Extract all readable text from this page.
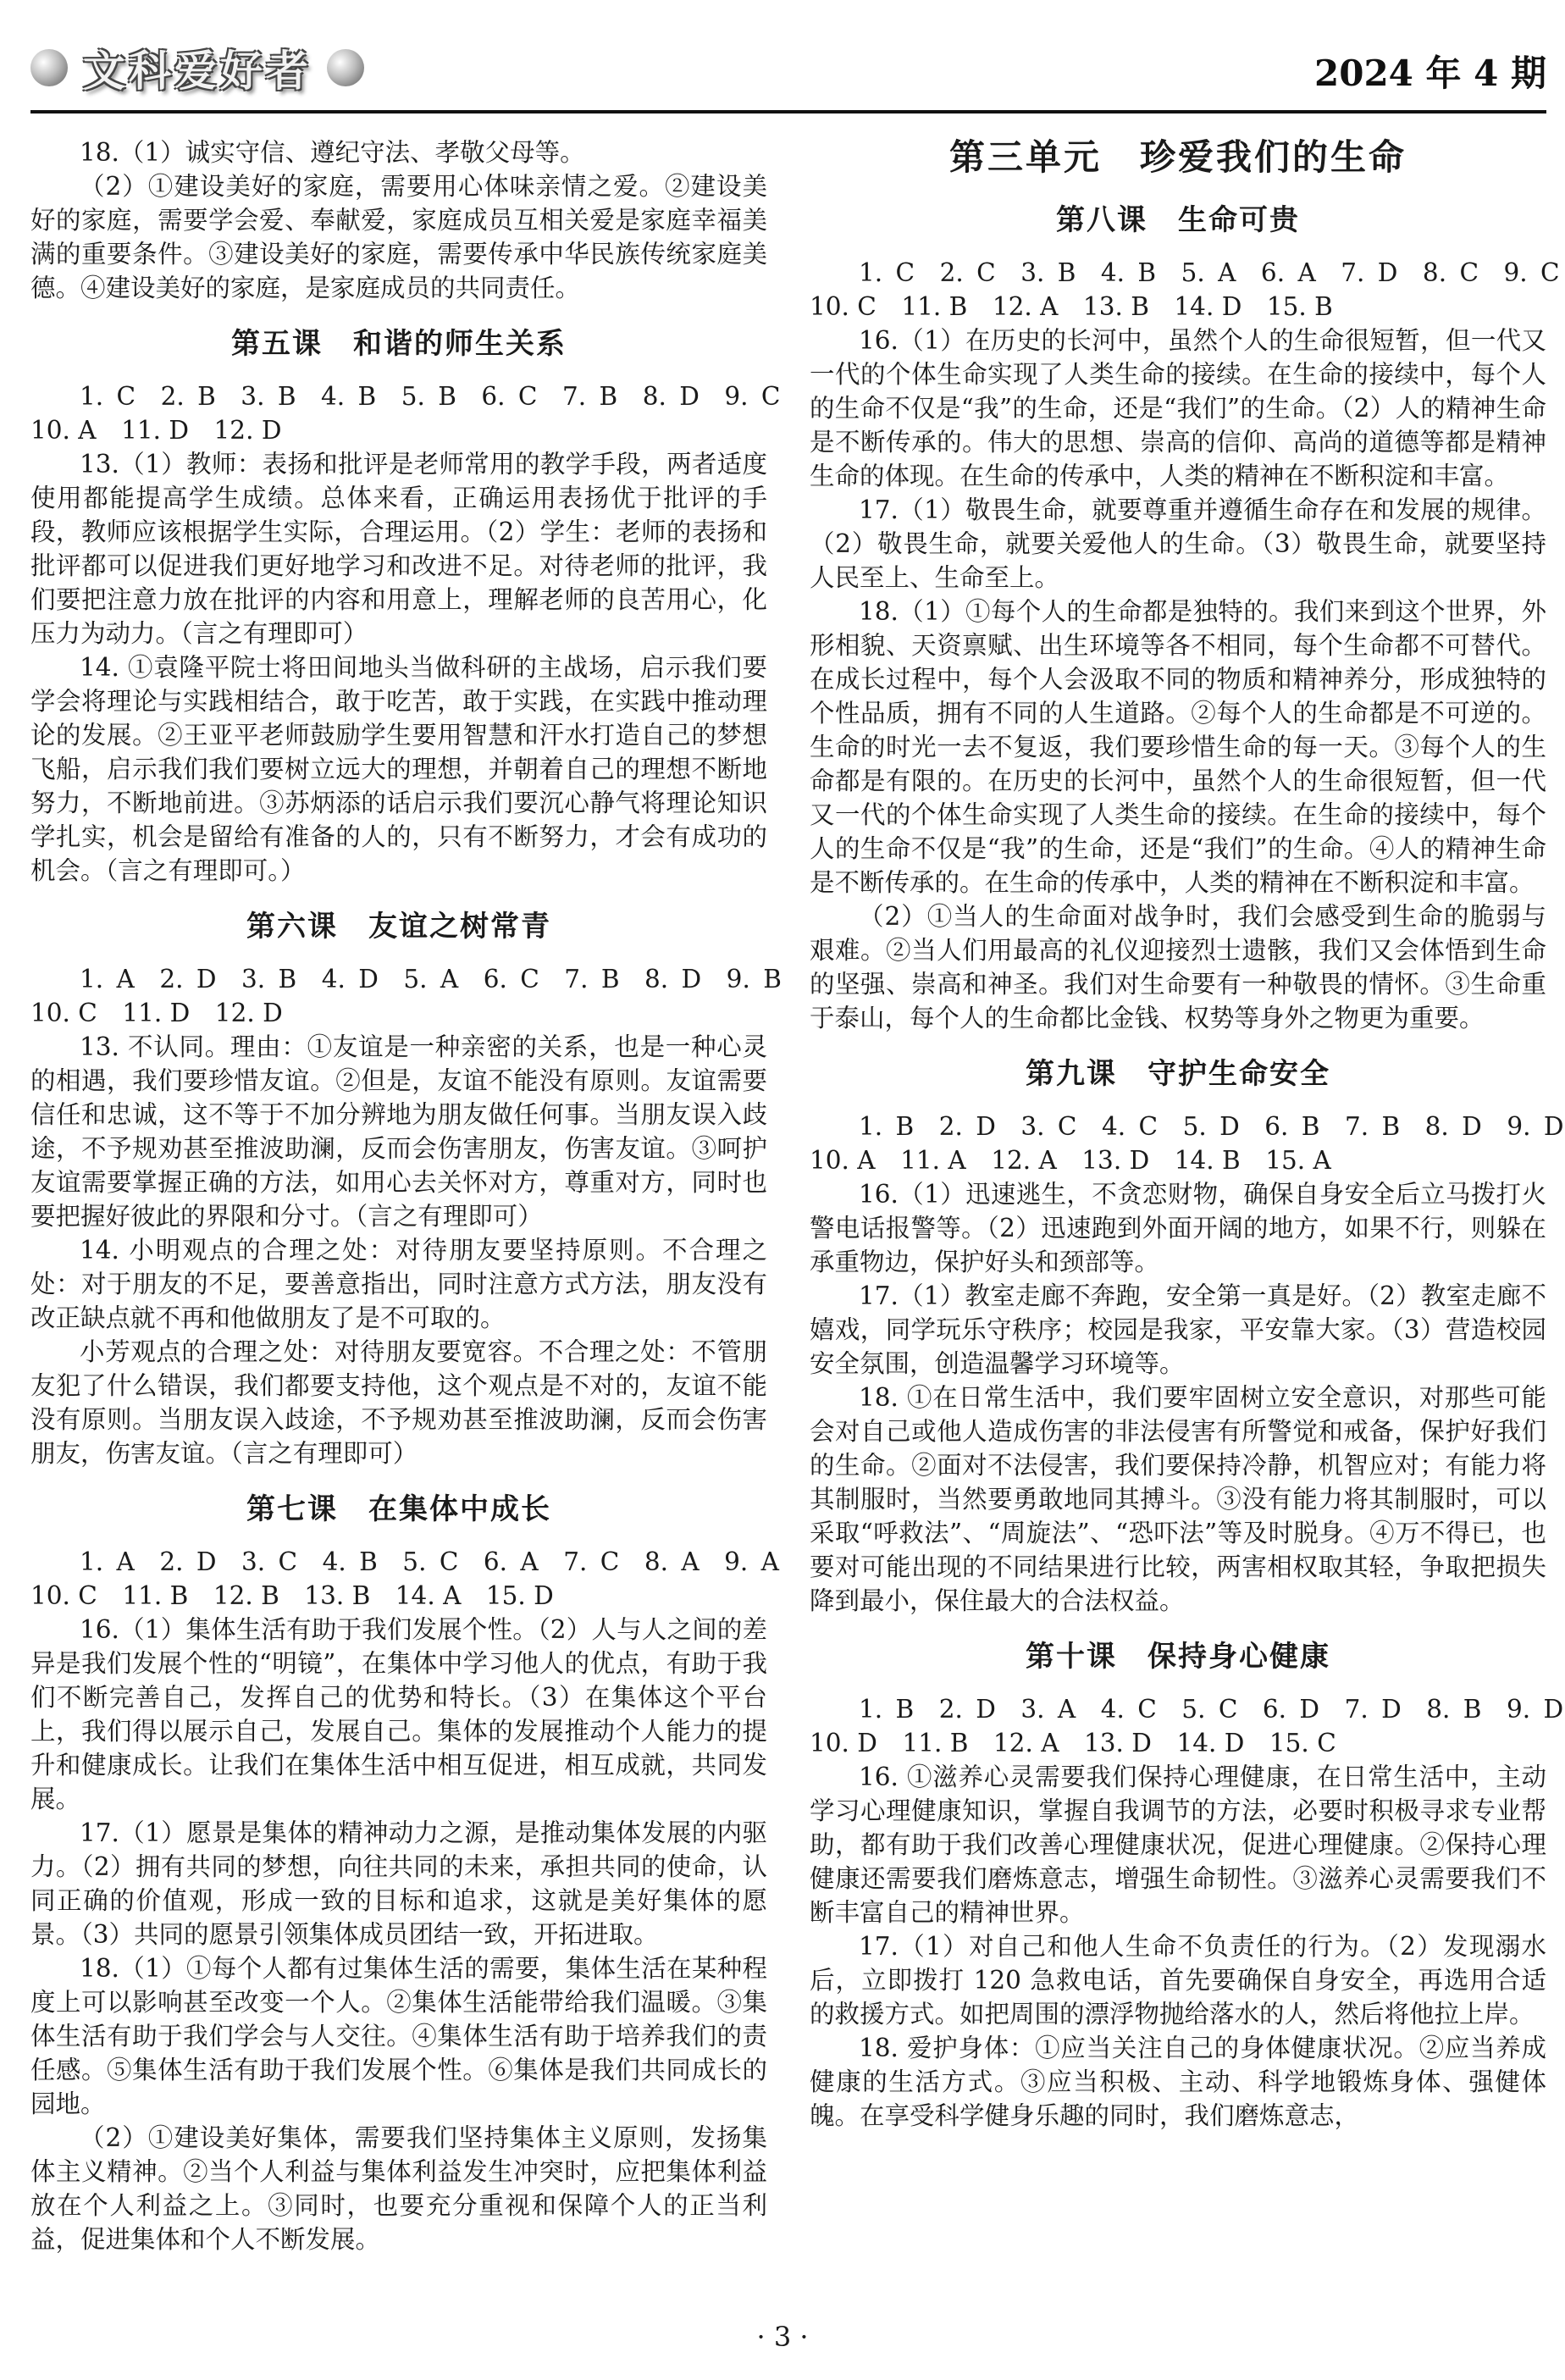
文科爱好者	2024 年 4 期

18.（1）诚实守信、遵纪守法、孝敬父母等。

（2）①建设美好的家庭，需要用心体味亲情之爱。②建设美好的家庭，需要学会爱、奉献爱，家庭成员互相关爱是家庭幸福美满的重要条件。③建设美好的家庭，需要传承中华民族传统家庭美德。④建设美好的家庭，是家庭成员的共同责任。

第五课　和谐的师生关系

1. C　2. B　3. B　4. B　5. B　6. C　7. B　8. D　9. C

10. A　11. D　12. D

13.（1）教师：表扬和批评是老师常用的教学手段，两者适度使用都能提高学生成绩。总体来看，正确运用表扬优于批评的手段，教师应该根据学生实际，合理运用。（2）学生：老师的表扬和批评都可以促进我们更好地学习和改进不足。对待老师的批评，我们要把注意力放在批评的内容和用意上，理解老师的良苦用心，化压力为动力。（言之有理即可）

14. ①袁隆平院士将田间地头当做科研的主战场，启示我们要学会将理论与实践相结合，敢于吃苦，敢于实践，在实践中推动理论的发展。②王亚平老师鼓励学生要用智慧和汗水打造自己的梦想飞船，启示我们我们要树立远大的理想，并朝着自己的理想不断地努力，不断地前进。③苏炳添的话启示我们要沉心静气将理论知识学扎实，机会是留给有准备的人的，只有不断努力，才会有成功的机会。（言之有理即可。）

第六课　友谊之树常青

1. A　2. D　3. B　4. D　5. A　6. C　7. B　8. D　9. B

10. C　11. D　12. D

13. 不认同。理由：①友谊是一种亲密的关系，也是一种心灵的相遇，我们要珍惜友谊。②但是，友谊不能没有原则。友谊需要信任和忠诚，这不等于不加分辨地为朋友做任何事。当朋友误入歧途，不予规劝甚至推波助澜，反而会伤害朋友，伤害友谊。③呵护友谊需要掌握正确的方法，如用心去关怀对方，尊重对方，同时也要把握好彼此的界限和分寸。（言之有理即可）

14. 小明观点的合理之处：对待朋友要坚持原则。不合理之处：对于朋友的不足，要善意指出，同时注意方式方法，朋友没有改正缺点就不再和他做朋友了是不可取的。

小芳观点的合理之处：对待朋友要宽容。不合理之处：不管朋友犯了什么错误，我们都要支持他，这个观点是不对的，友谊不能没有原则。当朋友误入歧途，不予规劝甚至推波助澜，反而会伤害朋友，伤害友谊。（言之有理即可）

第七课　在集体中成长

1. A　2. D　3. C　4. B　5. C　6. A　7. C　8. A　9. A

10. C　11. B　12. B　13. B　14. A　15. D

16.（1）集体生活有助于我们发展个性。（2）人与人之间的差异是我们发展个性的“明镜”，在集体中学习他人的优点，有助于我们不断完善自己，发挥自己的优势和特长。（3）在集体这个平台上，我们得以展示自己，发展自己。集体的发展推动个人能力的提升和健康成长。让我们在集体生活中相互促进，相互成就，共同发展。

17.（1）愿景是集体的精神动力之源，是推动集体发展的内驱力。（2）拥有共同的梦想，向往共同的未来，承担共同的使命，认同正确的价值观，形成一致的目标和追求，这就是美好集体的愿景。（3）共同的愿景引领集体成员团结一致，开拓进取。

18.（1）①每个人都有过集体生活的需要，集体生活在某种程度上可以影响甚至改变一个人。②集体生活能带给我们温暖。③集体生活有助于我们学会与人交往。④集体生活有助于培养我们的责任感。⑤集体生活有助于我们发展个性。⑥集体是我们共同成长的园地。

（2）①建设美好集体，需要我们坚持集体主义原则，发扬集体主义精神。②当个人利益与集体利益发生冲突时，应把集体利益放在个人利益之上。③同时，也要充分重视和保障个人的正当利益，促进集体和个人不断发展。

第三单元　珍爱我们的生命
第八课　生命可贵

1. C　2. C　3. B　4. B　5. A　6. A　7. D　8. C　9. C

10. C　11. B　12. A　13. B　14. D　15. B

16.（1）在历史的长河中，虽然个人的生命很短暂，但一代又一代的个体生命实现了人类生命的接续。在生命的接续中，每个人的生命不仅是“我”的生命，还是“我们”的生命。（2）人的精神生命是不断传承的。伟大的思想、崇高的信仰、高尚的道德等都是精神生命的体现。在生命的传承中，人类的精神在不断积淀和丰富。

17.（1）敬畏生命，就要尊重并遵循生命存在和发展的规律。（2）敬畏生命，就要关爱他人的生命。（3）敬畏生命，就要坚持人民至上、生命至上。

18.（1）①每个人的生命都是独特的。我们来到这个世界，外形相貌、天资禀赋、出生环境等各不相同，每个生命都不可替代。在成长过程中，每个人会汲取不同的物质和精神养分，形成独特的个性品质，拥有不同的人生道路。②每个人的生命都是不可逆的。生命的时光一去不复返，我们要珍惜生命的每一天。③每个人的生命都是有限的。在历史的长河中，虽然个人的生命很短暂，但一代又一代的个体生命实现了人类生命的接续。在生命的接续中，每个人的生命不仅是“我”的生命，还是“我们”的生命。④人的精神生命是不断传承的。在生命的传承中，人类的精神在不断积淀和丰富。

（2）①当人的生命面对战争时，我们会感受到生命的脆弱与艰难。②当人们用最高的礼仪迎接烈士遗骸，我们又会体悟到生命的坚强、崇高和神圣。我们对生命要有一种敬畏的情怀。③生命重于泰山，每个人的生命都比金钱、权势等身外之物更为重要。

第九课　守护生命安全

1. B　2. D　3. C　4. C　5. D　6. B　7. B　8. D　9. D

10. A　11. A　12. A　13. D　14. B　15. A

16.（1）迅速逃生，不贪恋财物，确保自身安全后立马拨打火警电话报警等。（2）迅速跑到外面开阔的地方，如果不行，则躲在承重物边，保护好头和颈部等。

17.（1）教室走廊不奔跑，安全第一真是好。（2）教室走廊不嬉戏，同学玩乐守秩序；校园是我家，平安靠大家。（3）营造校园安全氛围，创造温馨学习环境等。

18. ①在日常生活中，我们要牢固树立安全意识，对那些可能会对自己或他人造成伤害的非法侵害有所警觉和戒备，保护好我们的生命。②面对不法侵害，我们要保持冷静，机智应对；有能力将其制服时，当然要勇敢地同其搏斗。③没有能力将其制服时，可以采取“呼救法”、“周旋法”、“恐吓法”等及时脱身。④万不得已，也要对可能出现的不同结果进行比较，两害相权取其轻，争取把损失降到最小，保住最大的合法权益。

第十课　保持身心健康

1. B　2. D　3. A　4. C　5. C　6. D　7. D　8. B　9. D

10. D　11. B　12. A　13. D　14. D　15. C

16. ①滋养心灵需要我们保持心理健康，在日常生活中，主动学习心理健康知识，掌握自我调节的方法，必要时积极寻求专业帮助，都有助于我们改善心理健康状况，促进心理健康。②保持心理健康还需要我们磨炼意志，增强生命韧性。③滋养心灵需要我们不断丰富自己的精神世界。

17.（1）对自己和他人生命不负责任的行为。（2）发现溺水后，立即拨打 120 急救电话，首先要确保自身安全，再选用合适的救援方式。如把周围的漂浮物抛给落水的人，然后将他拉上岸。

18. 爱护身体：①应当关注自己的身体健康状况。②应当养成健康的生活方式。③应当积极、主动、科学地锻炼身体、强健体魄。在享受科学健身乐趣的同时，我们磨炼意志，

· 3 ·
